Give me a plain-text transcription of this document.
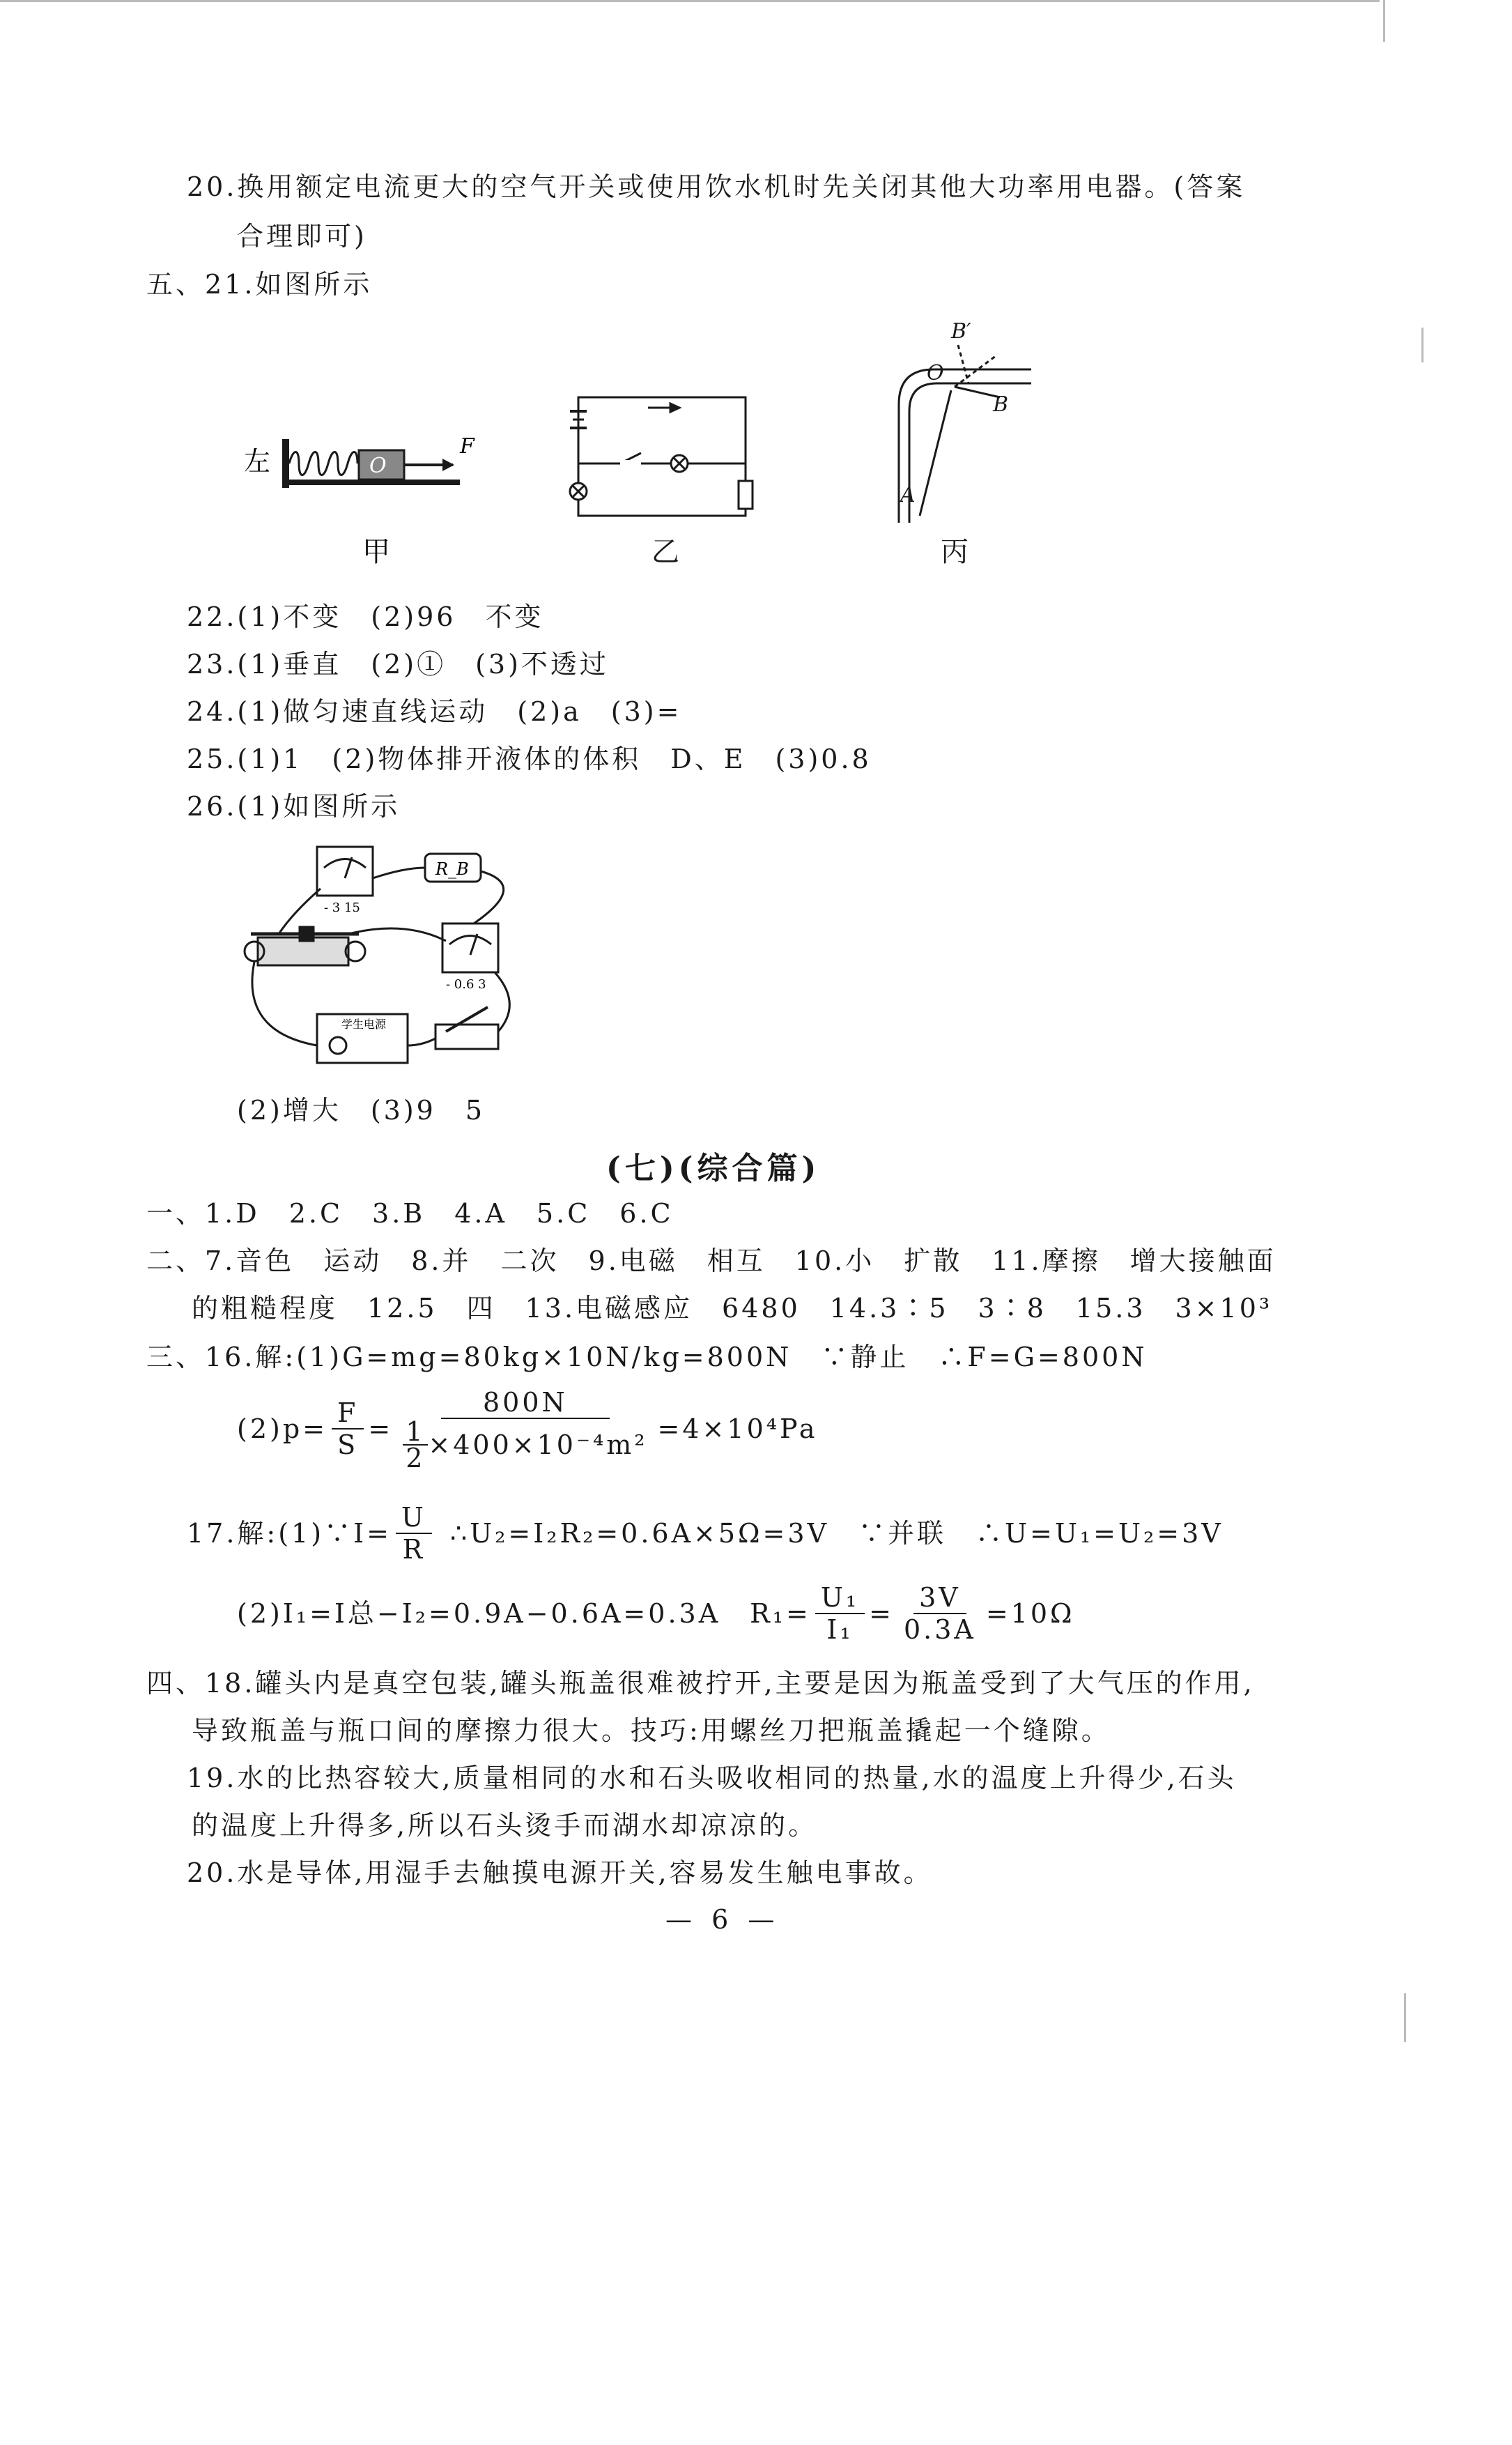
20.换用额定电流更大的空气开关或使用饮水机时先关闭其他大功率用电器。(答案
合理即可)
五、21.如图所示
左	O
F
甲	乙
B′
O
B
A
丙
22.(1)不变　(2)96　不变
23.(1)垂直　(2)①　(3)不透过
24.(1)做匀速直线运动　(2)a　(3)=
25.(1)1　(2)物体排开液体的体积　D、E　(3)0.8
26.(1)如图所示
R_B
- 3 15
- 0.6 3
学生电源
(2)增大　(3)9　5
(七)(综合篇)
一、1.D　2.C　3.B　4.A　5.C　6.C
二、7.音色　运动　8.并　二次　9.电磁　相互　10.小　扩散　11.摩擦　增大接触面
的粗糙程度　12.5　四　13.电磁感应　6480　14.3∶5　3∶8　15.3　3×10³
三、16.解:(1)G=mg=80kg×10N/kg=800N　∵静止　∴F=G=800N
$(2)p= \frac{F}{S} = \frac{800N}{\frac{1}{2} \times 400\times 10^{-4}m^2} =4\times 10^4Pa$
17.解:(1)∵I= $\frac{U}{R}$ ∴U₂=I₂R₂=0.6A×5Ω=3V　∵并联　∴U=U₁=U₂=3V
(2)I₁=I总−I₂=0.9A−0.6A=0.3A　$R_1= \frac{\text{U₁}}{\text{I₁}} = \frac{3V}{0.3A} =10\Omega$
四、18.罐头内是真空包装,罐头瓶盖很难被拧开,主要是因为瓶盖受到了大气压的作用,
导致瓶盖与瓶口间的摩擦力很大。技巧:用螺丝刀把瓶盖撬起一个缝隙。
19.水的比热容较大,质量相同的水和石头吸收相同的热量,水的温度上升得少,石头
的温度上升得多,所以石头烫手而湖水却凉凉的。
20.水是导体,用湿手去触摸电源开关,容易发生触电事故。
— 6 —
